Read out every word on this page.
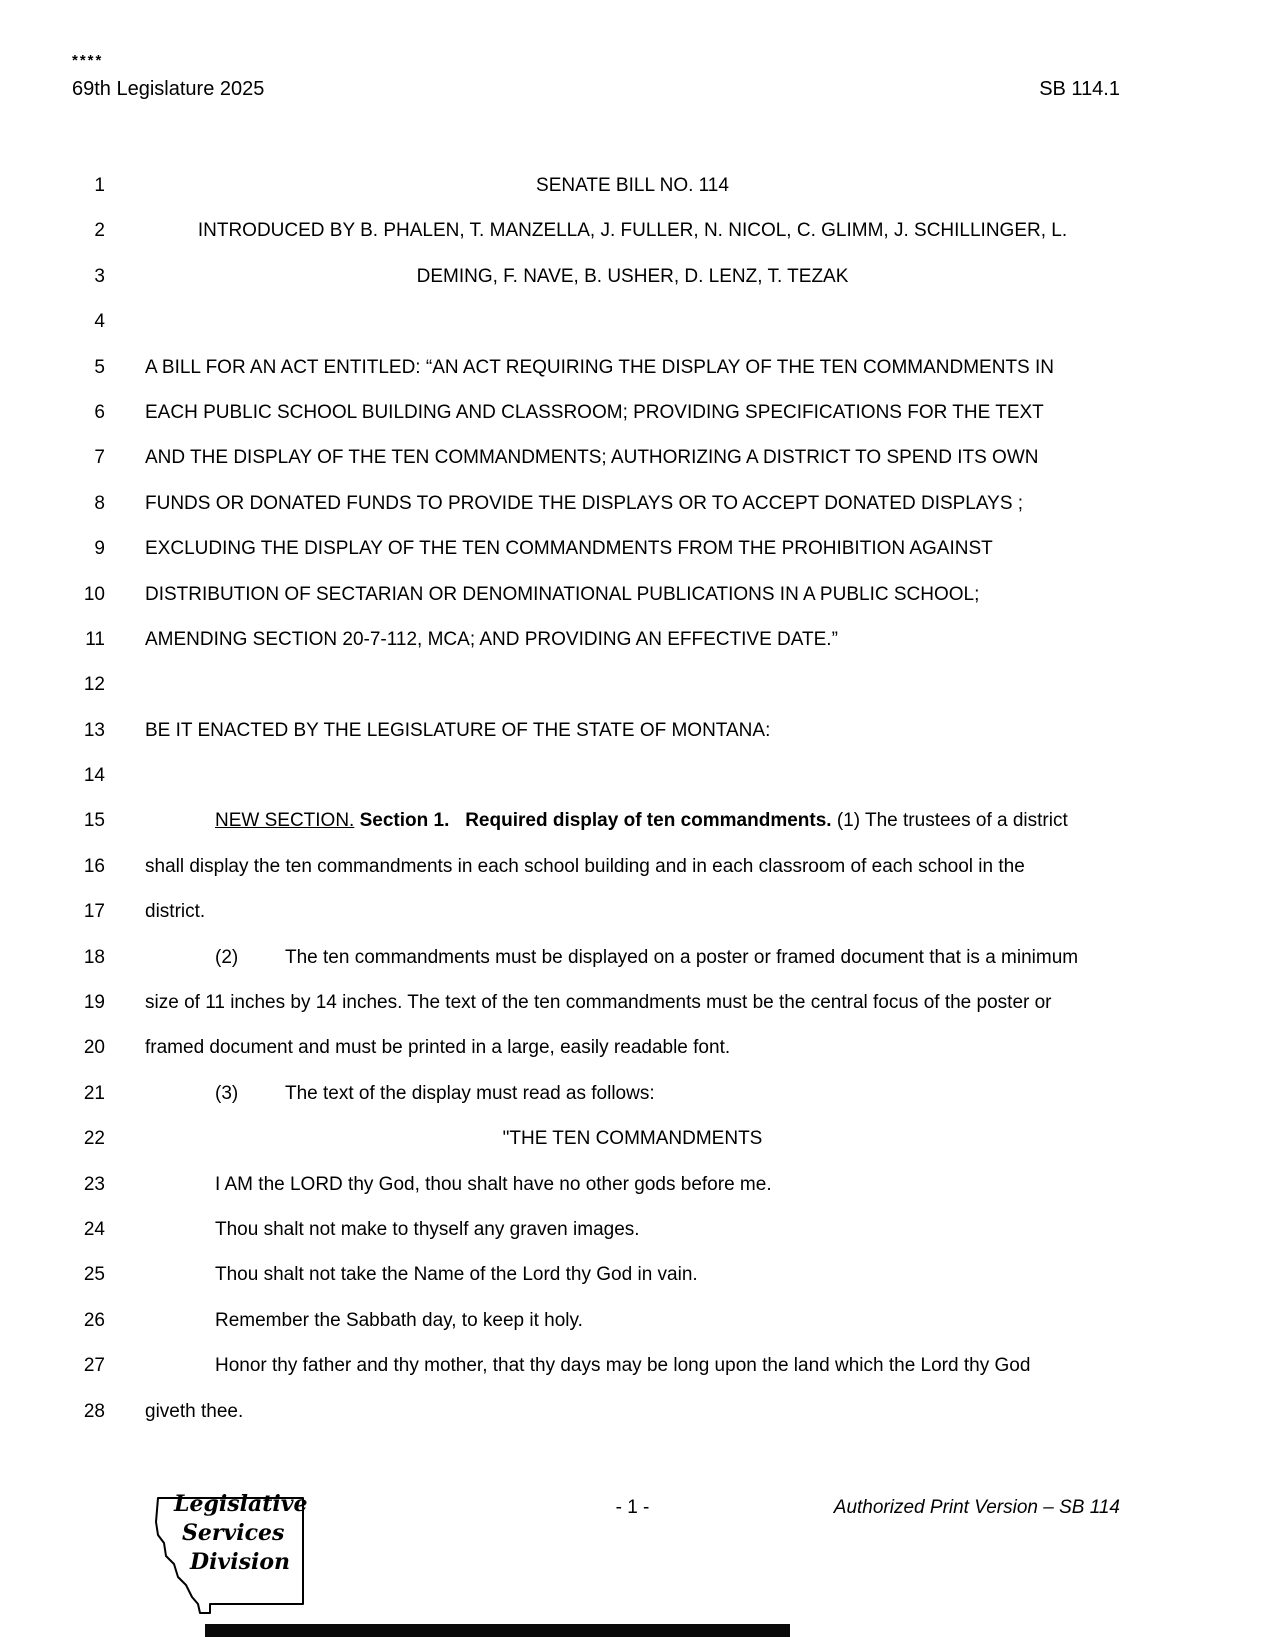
****
69th Legislature 2025	SB 114.1
1	SENATE BILL NO. 114
2	INTRODUCED BY B. PHALEN, T. MANZELLA, J. FULLER, N. NICOL, C. GLIMM, J. SCHILLINGER, L.
3	DEMING, F. NAVE, B. USHER, D. LENZ, T. TEZAK
4
5 A BILL FOR AN ACT ENTITLED: “AN ACT REQUIRING THE DISPLAY OF THE TEN COMMANDMENTS IN
6 EACH PUBLIC SCHOOL BUILDING AND CLASSROOM; PROVIDING SPECIFICATIONS FOR THE TEXT
7 AND THE DISPLAY OF THE TEN COMMANDMENTS; AUTHORIZING A DISTRICT TO SPEND ITS OWN
8 FUNDS OR DONATED FUNDS TO PROVIDE THE DISPLAYS OR TO ACCEPT DONATED DISPLAYS ;
9 EXCLUDING THE DISPLAY OF THE TEN COMMANDMENTS FROM THE PROHIBITION AGAINST
10 DISTRIBUTION OF SECTARIAN OR DENOMINATIONAL PUBLICATIONS IN A PUBLIC SCHOOL;
11 AMENDING SECTION 20-7-112, MCA; AND PROVIDING AN EFFECTIVE DATE.”
12
13 BE IT ENACTED BY THE LEGISLATURE OF THE STATE OF MONTANA:
14
15	NEW SECTION. Section 1.   Required display of ten commandments. (1) The trustees of a district
16 shall display the ten commandments in each school building and in each classroom of each school in the
17 district.
18	(2) The ten commandments must be displayed on a poster or framed document that is a minimum
19 size of 11 inches by 14 inches. The text of the ten commandments must be the central focus of the poster or
20 framed document and must be printed in a large, easily readable font.
21	(3) The text of the display must read as follows:
22	"THE TEN COMMANDMENTS
23	I AM the LORD thy God, thou shalt have no other gods before me.
24	Thou shalt not make to thyself any graven images.
25	Thou shalt not take the Name of the Lord thy God in vain.
26	Remember the Sabbath day, to keep it holy.
27	Honor thy father and thy mother, that thy days may be long upon the land which the Lord thy God
28 giveth thee.
- 1 -	Authorized Print Version – SB 114
Legislative
Services
Division
